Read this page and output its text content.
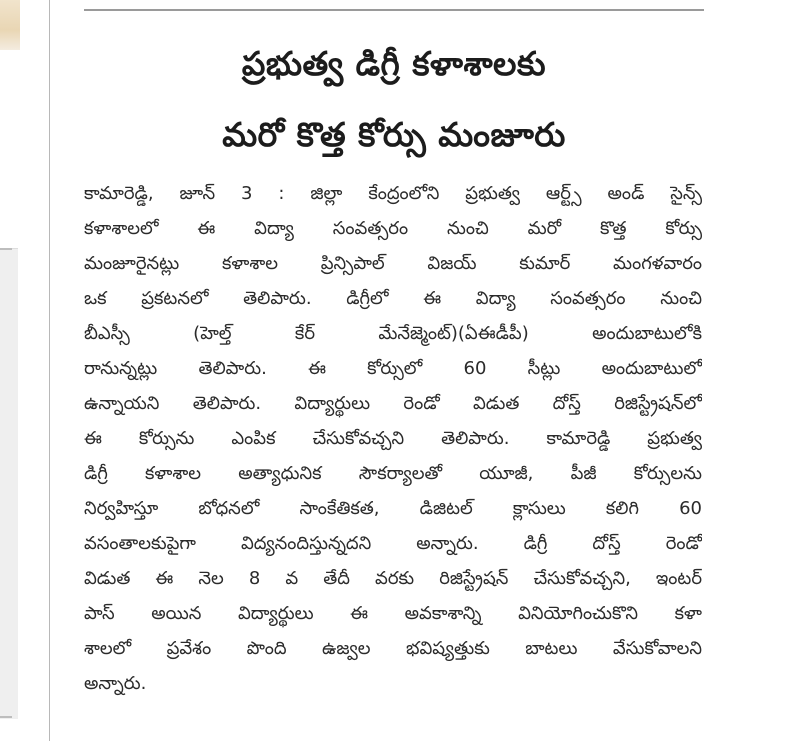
ప్రభుత్వ డిగ్రీ కళాశాలకు
మరో కొత్త కోర్సు మంజూరు
కామారెడ్డి, జూన్ 3 : జిల్లా కేంద్రంలోని ప్రభుత్వ ఆర్ట్స్ అండ్ సైన్స్
కళాశాలలో ఈ విద్యా సంవత్సరం నుంచి మరో కొత్త కోర్సు
మంజూరైనట్లు కళాశాల ప్రిన్సిపాల్ విజయ్ కుమార్ మంగళవారం
ఒక ప్రకటనలో తెలిపారు. డిగ్రీలో ఈ విద్యా సంవత్సరం నుంచి
బీఎస్సీ (హెల్త్ కేర్ మేనేజ్మెంట్)(ఏఈడీపీ) అందుబాటులోకి
రానున్నట్లు తెలిపారు. ఈ కోర్సులో 60 సీట్లు అందుబాటులో
ఉన్నాయని తెలిపారు. విద్యార్థులు రెండో విడుత దోస్త్ రిజిస్ట్రేషన్‌లో
ఈ కోర్సును ఎంపిక చేసుకోవచ్చని తెలిపారు. కామారెడ్డి ప్రభుత్వ
డిగ్రీ కళాశాల అత్యాధునిక సౌకర్యాలతో యూజీ, పీజీ కోర్సులను
నిర్వహిస్తూ బోధనలో సాంకేతికత, డిజిటల్ క్లాసులు కలిగి 60
వసంతాలకుపైగా విద్యనందిస్తున్నదని అన్నారు. డిగ్రీ దోస్త్ రెండో
విడుత ఈ నెల 8 వ తేదీ వరకు రిజిస్ట్రేషన్ చేసుకోవచ్చని, ఇంటర్
పాస్ అయిన విద్యార్థులు ఈ అవకాశాన్ని వినియోగించుకొని కళా
శాలలో ప్రవేశం పొంది ఉజ్వల భవిష్యత్తుకు బాటలు వేసుకోవాలని
అన్నారు.
